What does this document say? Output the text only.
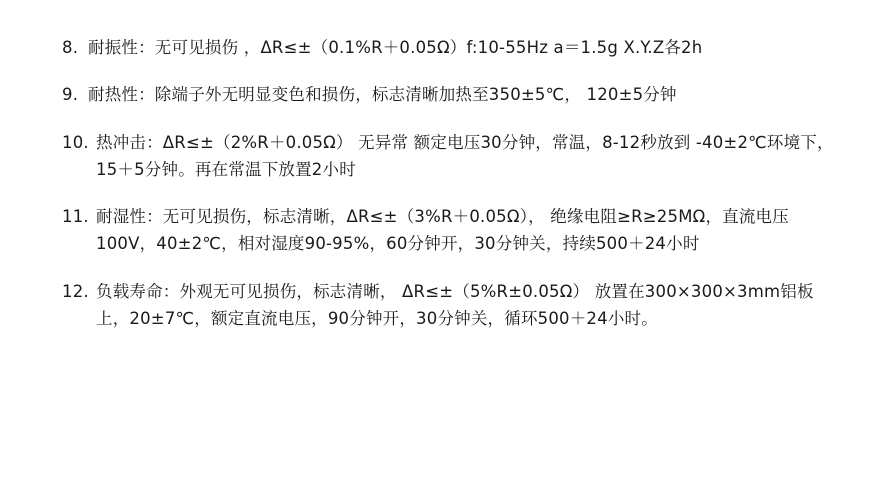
8. 耐振性：无可见损伤 ，ΔR≤±（0.1%R＋0.05Ω）f:10-55Hz a＝1.5g X.Y.Z各2h

9. 耐热性：除端子外无明显变色和损伤，标志清晰加热至350±5℃， 120±5分钟

10. 热冲击：ΔR≤±（2%R＋0.05Ω） 无异常 额定电压30分钟，常温，8-12秒放到 -40±2℃环境下，15＋5分钟。再在常温下放置2小时

11. 耐湿性：无可见损伤，标志清晰，ΔR≤±（3%R＋0.05Ω）， 绝缘电阻≥R≥25MΩ，直流电压100V，40±2℃，相对湿度90-95%，60分钟开，30分钟关，持续500＋24小时

12. 负载寿命：外观无可见损伤，标志清晰， ΔR≤±（5%R±0.05Ω） 放置在300×300×3mm铝板上，20±7℃，额定直流电压，90分钟开，30分钟关，循环500＋24小时。
